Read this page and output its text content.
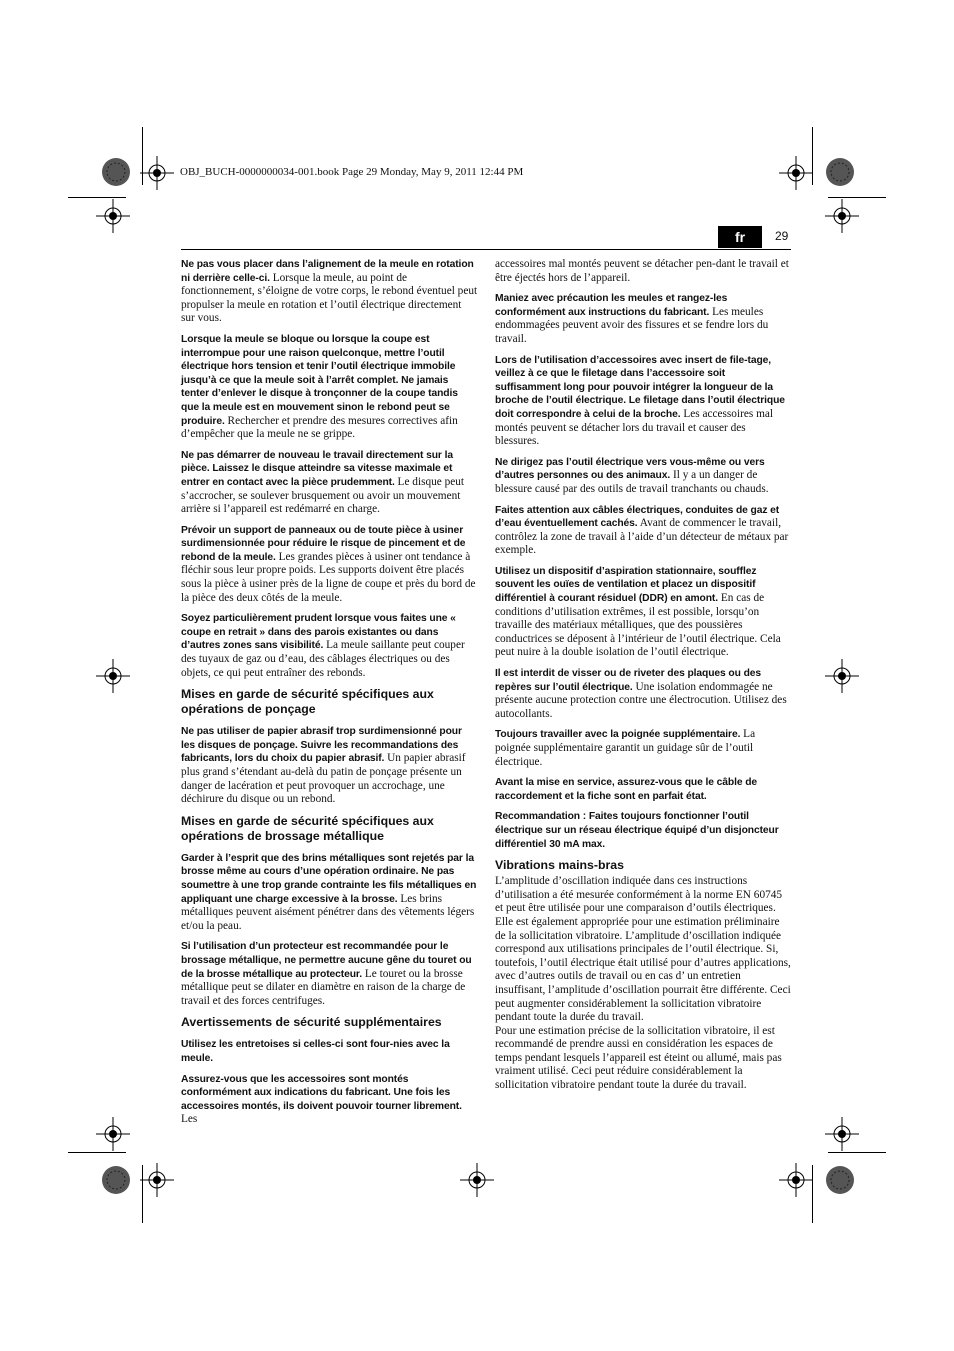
OBJ_BUCH-0000000034-001.book Page 29 Monday, May 9, 2011 12:44 PM
fr	29

Ne pas vous placer dans l’alignement de la meule en rotation ni derrière celle-ci. Lorsque la meule, au point de fonctionnement, s’éloigne de votre corps, le rebond éventuel peut propulser la meule en rotation et l’outil électrique directement sur vous.

Lorsque la meule se bloque ou lorsque la coupe est interrompue pour une raison quelconque, mettre l’outil électrique hors tension et tenir l’outil électrique immobile jusqu’à ce que la meule soit à l’arrêt complet. Ne jamais tenter d’enlever le disque à tronçonner de la coupe tandis que la meule est en mouvement sinon le rebond peut se produire. Rechercher et prendre des mesures correctives afin d’empêcher que la meule ne se grippe.

Ne pas démarrer de nouveau le travail directement sur la pièce. Laissez le disque atteindre sa vitesse maximale et entrer en contact avec la pièce prudemment. Le disque peut s’accrocher, se soulever brusquement ou avoir un mouvement arrière si l’appareil est redémarré en charge.

Prévoir un support de panneaux ou de toute pièce à usiner surdimensionnée pour réduire le risque de pincement et de rebond de la meule. Les grandes pièces à usiner ont tendance à fléchir sous leur propre poids. Les supports doivent être placés sous la pièce à usiner près de la ligne de coupe et près du bord de la pièce des deux côtés de la meule.

Soyez particulièrement prudent lorsque vous faites une « coupe en retrait » dans des parois existantes ou dans d’autres zones sans visibilité. La meule saillante peut couper des tuyaux de gaz ou d’eau, des câblages électriques ou des objets, ce qui peut entraîner des rebonds.

Mises en garde de sécurité spécifiques aux opérations de ponçage

Ne pas utiliser de papier abrasif trop surdimensionné pour les disques de ponçage. Suivre les recommandations des fabricants, lors du choix du papier abrasif. Un papier abrasif plus grand s’étendant au-delà du patin de ponçage présente un danger de lacération et peut provoquer un accrochage, une déchirure du disque ou un rebond.

Mises en garde de sécurité spécifiques aux opérations de brossage métallique

Garder à l’esprit que des brins métalliques sont rejetés par la brosse même au cours d’une opération ordinaire. Ne pas soumettre à une trop grande contrainte les fils métalliques en appliquant une charge excessive à la brosse. Les brins métalliques peuvent aisément pénétrer dans des vêtements légers et/ou la peau.

Si l’utilisation d’un protecteur est recommandée pour le brossage métallique, ne permettre aucune gêne du touret ou de la brosse métallique au protecteur. Le touret ou la brosse métallique peut se dilater en diamètre en raison de la charge de travail et des forces centrifuges.

Avertissements de sécurité supplémentaires

Utilisez les entretoises si celles-ci sont four-nies avec la meule.

Assurez-vous que les accessoires sont montés conformément aux indications du fabricant. Une fois les accessoires montés, ils doivent pouvoir tourner librement. Les

accessoires mal montés peuvent se détacher pen-dant le travail et être éjectés hors de l’appareil.

Maniez avec précaution les meules et rangez-les conformément aux instructions du fabricant. Les meules endommagées peuvent avoir des fissures et se fendre lors du travail.

Lors de l’utilisation d’accessoires avec insert de file-tage, veillez à ce que le filetage dans l’accessoire soit suffisamment long pour pouvoir intégrer la longueur de la broche de l’outil électrique. Le filetage dans l’outil électrique doit correspondre à celui de la broche. Les accessoires mal montés peuvent se détacher lors du travail et causer des blessures.

Ne dirigez pas l’outil électrique vers vous-même ou vers d’autres personnes ou des animaux. Il y a un danger de blessure causé par des outils de travail tranchants ou chauds.

Faites attention aux câbles électriques, conduites de gaz et d’eau éventuellement cachés. Avant de commencer le travail, contrôlez la zone de travail à l’aide d’un détecteur de métaux par exemple.

Utilisez un dispositif d’aspiration stationnaire, soufflez souvent les ouïes de ventilation et placez un dispositif différentiel à courant résiduel (DDR) en amont. En cas de conditions d’utilisation extrêmes, il est possible, lorsqu’on travaille des matériaux métalliques, que des poussières conductrices se déposent à l’intérieur de l’outil électrique. Cela peut nuire à la double isolation de l’outil électrique.

Il est interdit de visser ou de riveter des plaques ou des repères sur l’outil électrique. Une isolation endommagée ne présente aucune protection contre une électrocution. Utilisez des autocollants.

Toujours travailler avec la poignée supplémentaire. La poignée supplémentaire garantit un guidage sûr de l’outil électrique.

Avant la mise en service, assurez-vous que le câble de raccordement et la fiche sont en parfait état.

Recommandation : Faites toujours fonctionner l’outil électrique sur un réseau électrique équipé d’un disjoncteur différentiel 30 mA max.

Vibrations mains-bras

L’amplitude d’oscillation indiquée dans ces instructions d’utilisation a été mesurée conformément à la norme EN 60745 et peut être utilisée pour une comparaison d’outils électriques. Elle est également appropriée pour une estimation préliminaire de la sollicitation vibratoire. L’amplitude d’oscillation indiquée correspond aux utilisations principales de l’outil électrique. Si, toutefois, l’outil électrique était utilisé pour d’autres applications, avec d’autres outils de travail ou en cas d’ un entretien insuffisant, l’amplitude d’oscillation pourrait être différente. Ceci peut augmenter considérablement la sollicitation vibratoire pendant toute la durée du travail.

Pour une estimation précise de la sollicitation vibratoire, il est recommandé de prendre aussi en considération les espaces de temps pendant lesquels l’appareil est éteint ou allumé, mais pas vraiment utilisé. Ceci peut réduire considérablement la sollicitation vibratoire pendant toute la durée du travail.
